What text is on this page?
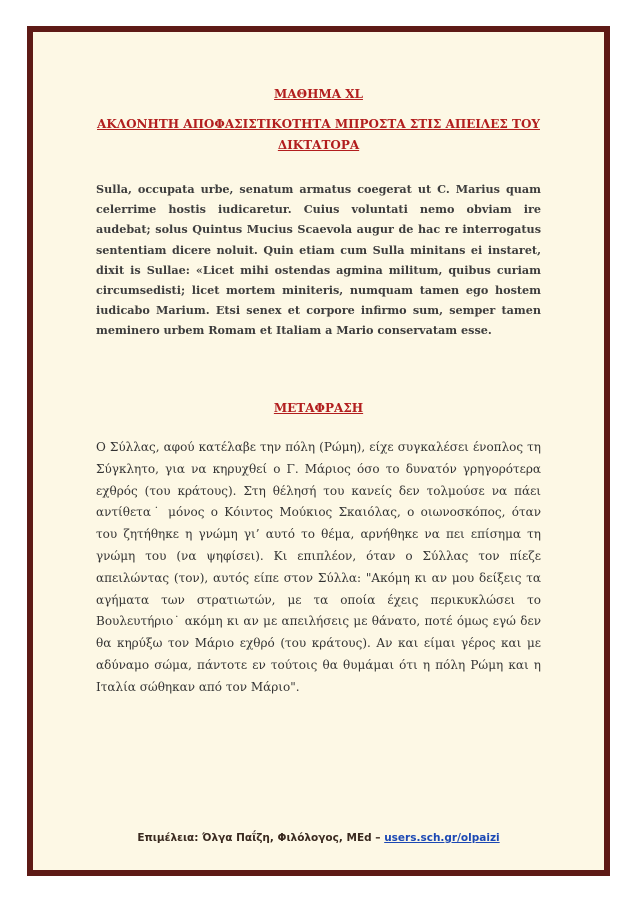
ΜΑΘΗΜΑ XL
ΑΚΛΟΝΗΤΗ ΑΠΟΦΑΣΙΣΤΙΚΟΤΗΤΑ ΜΠΡΟΣΤΑ ΣΤΙΣ ΑΠΕΙΛΕΣ ΤΟΥ ΔΙΚΤΑΤΟΡΑ
Sulla, occupata urbe, senatum armatus coegerat ut C. Marius quam celerrime hostis iudicaretur. Cuius voluntati nemo obviam ire audebat; solus Quintus Mucius Scaevola augur de hac re interrogatus sententiam dicere noluit. Quin etiam cum Sulla minitans ei instaret, dixit is Sullae: «Licet mihi ostendas agmina militum, quibus curiam circumsedisti; licet mortem miniteris, numquam tamen ego hostem iudicabo Marium. Etsi senex et corpore infirmo sum, semper tamen meminero urbem Romam et Italiam a Mario conservatam esse.
ΜΕΤΑΦΡΑΣΗ
Ο Σύλλας, αφού κατέλαβε την πόλη (Ρώμη), είχε συγκαλέσει ένοπλος τη Σύγκλητο, για να κηρυχθεί ο Γ. Μάριος όσο το δυνατόν γρηγορότερα εχθρός (του κράτους). Στη θέλησή του κανείς δεν τολμούσε να πάει αντίθετα˙ μόνος ο Κόιντος Μούκιος Σκαιόλας, ο οιωνοσκόπος, όταν του ζητήθηκε η γνώμη γι’ αυτό το θέμα, αρνήθηκε να πει επίσημα τη γνώμη του (να ψηφίσει). Κι επιπλέον, όταν ο Σύλλας τον πίεζε απειλώντας (τον), αυτός είπε στον Σύλλα: "Ακόμη κι αν μου δείξεις τα αγήματα των στρατιωτών, με τα οποία έχεις περικυκλώσει το Βουλευτήριο˙ ακόμη κι αν με απειλήσεις με θάνατο, ποτέ όμως εγώ δεν θα κηρύξω τον Μάριο εχθρό (του κράτους). Αν και είμαι γέρος και με αδύναμο σώμα, πάντοτε εν τούτοις θα θυμάμαι ότι η πόλη Ρώμη και η Ιταλία σώθηκαν από τον Μάριο".
Επιμέλεια: Όλγα Παΐζη, Φιλόλογος, MEd – users.sch.gr/olpaizi
